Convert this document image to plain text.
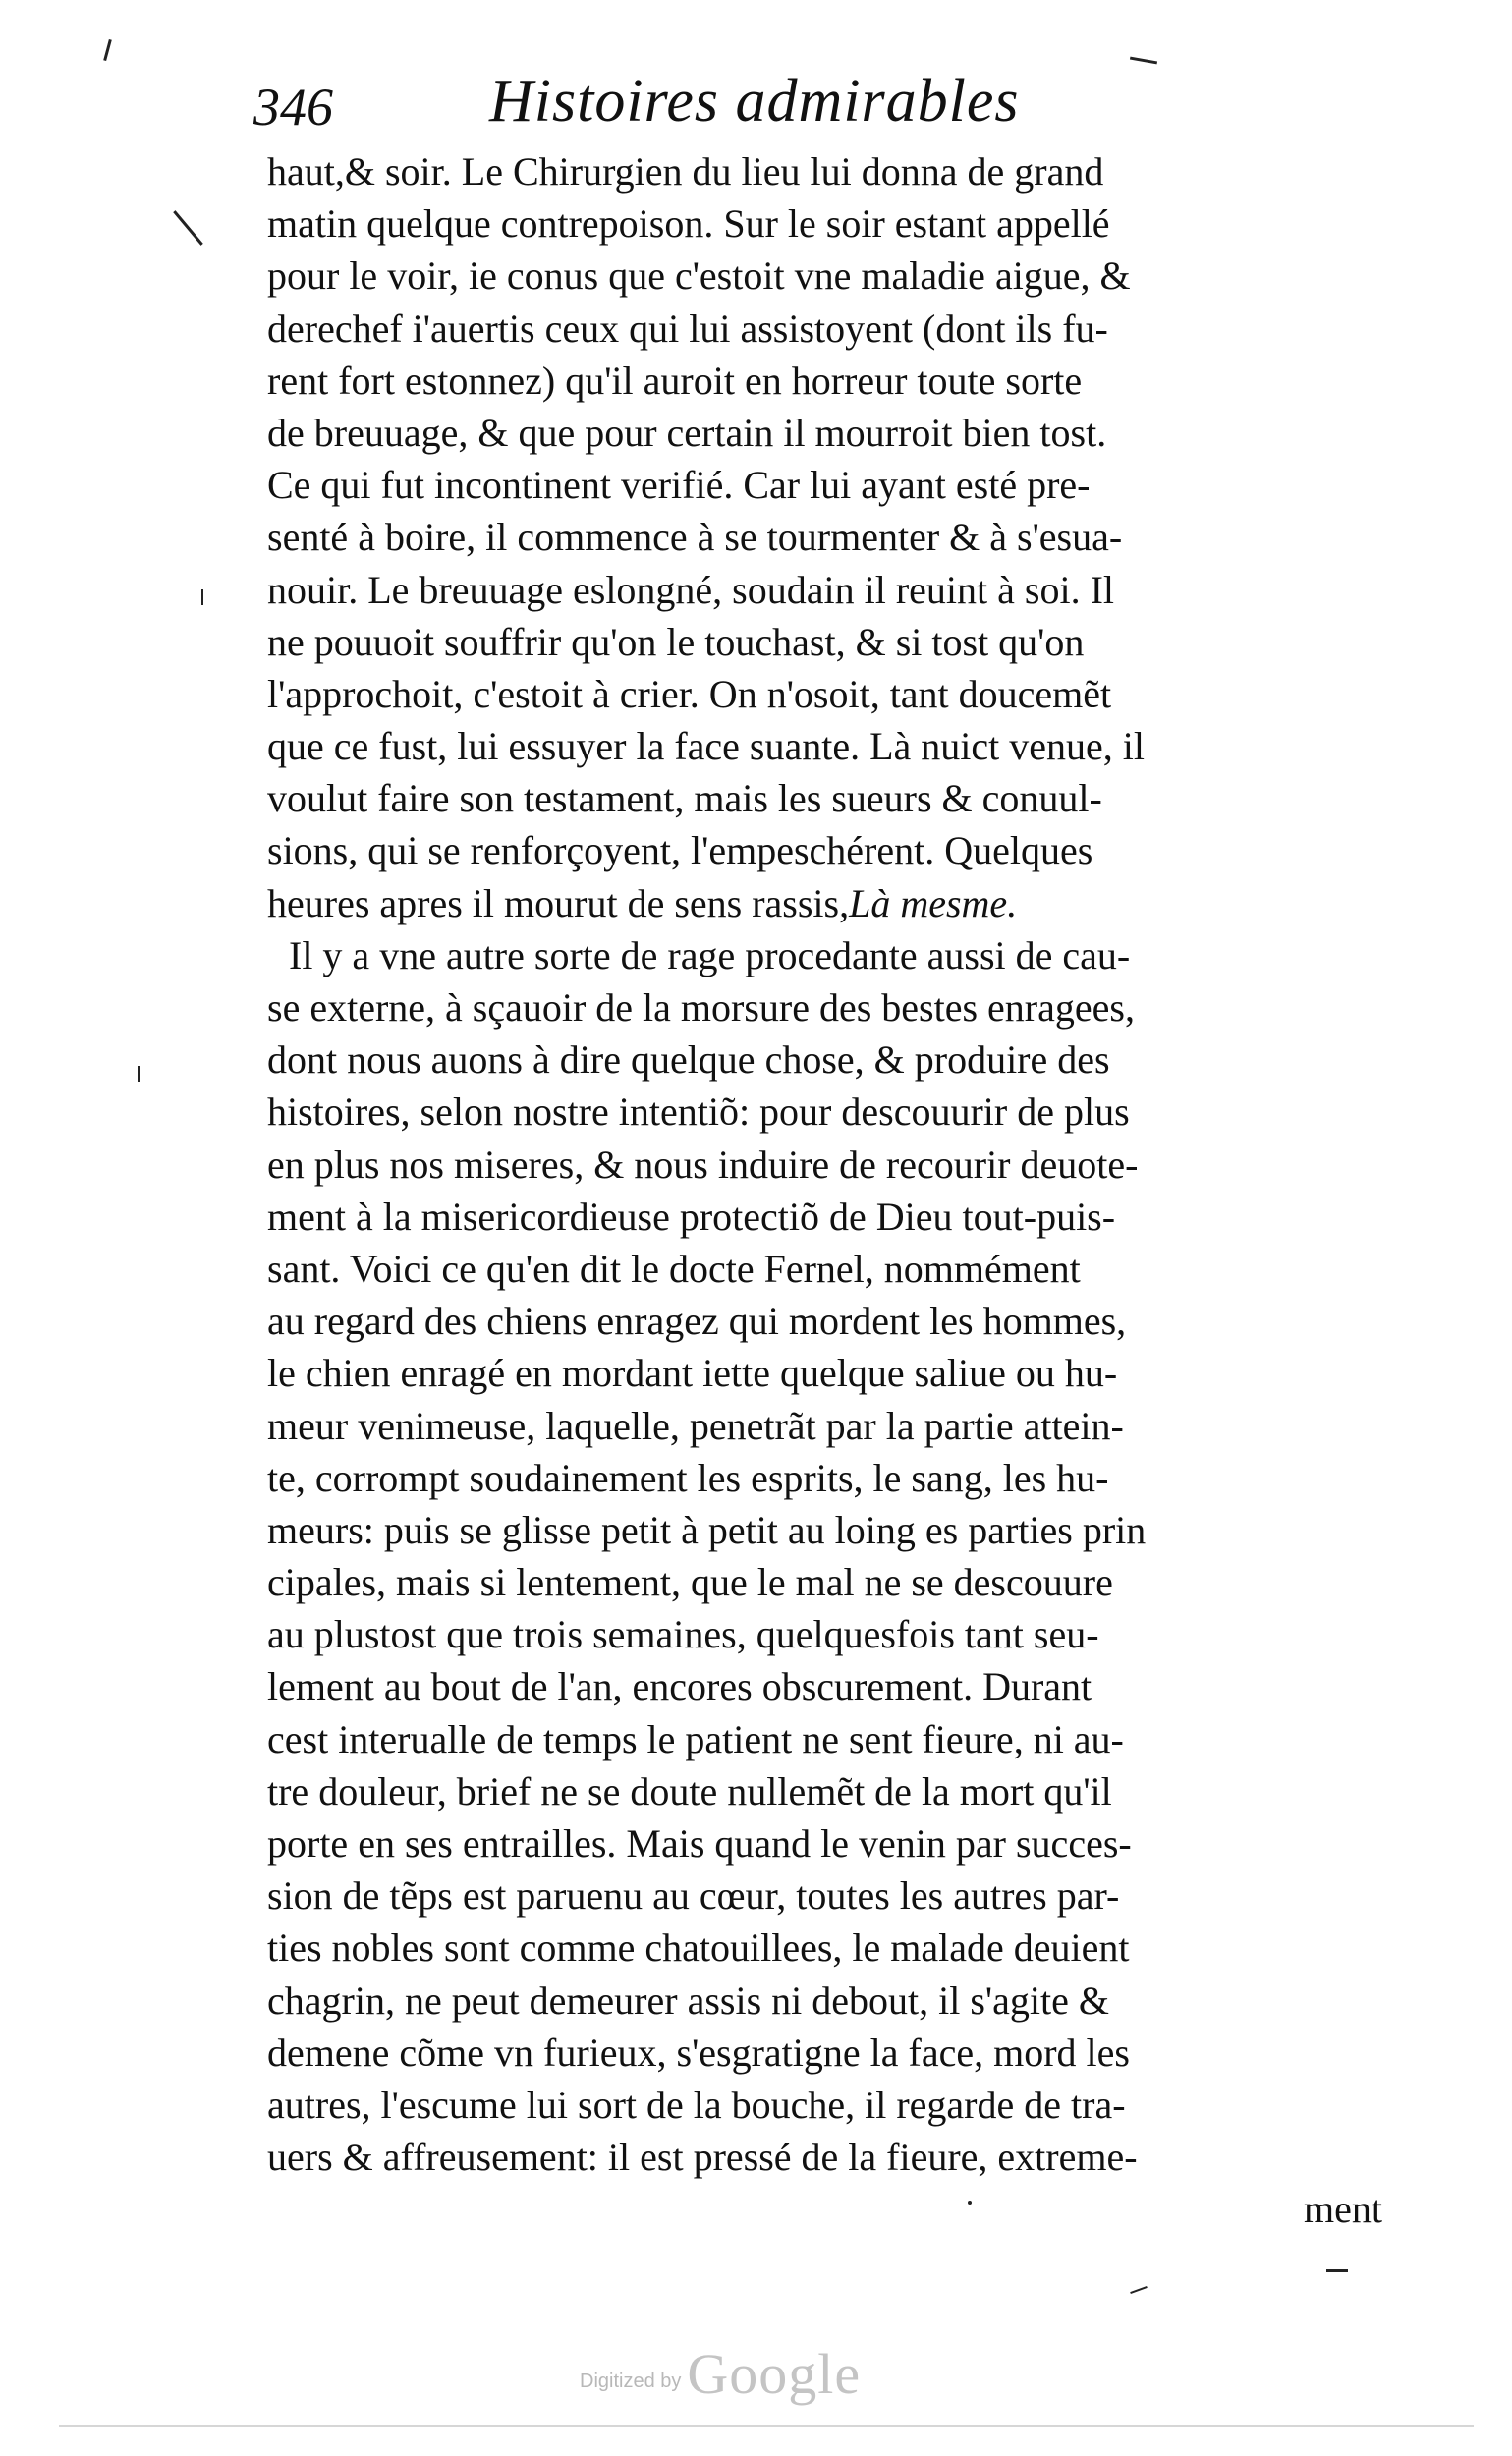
346	Histoires admirables
haut,& soir. Le Chirurgien du lieu lui donna de grand
matin quelque contrepoison. Sur le soir estant appellé
pour le voir, ie conus que c'estoit vne maladie aigue, &
derechef i'auertis ceux qui lui assistoyent (dont ils fu-
rent fort estonnez) qu'il auroit en horreur toute sorte
de breuuage, & que pour certain il mourroit bien tost.
Ce qui fut incontinent verifié. Car lui ayant esté pre-
senté à boire, il commence à se tourmenter & à s'esua-
nouir. Le breuuage eslongné, soudain il reuint à soi. Il
ne pouuoit souffrir qu'on le touchast, & si tost qu'on
l'approchoit, c'estoit à crier. On n'osoit, tant doucemẽt
que ce fust, lui essuyer la face suante. Là nuict venue, il
voulut faire son testament, mais les sueurs & conuul-
sions, qui se renforçoyent, l'empeschérent. Quelques
heures apres il mourut de sens rassis,Là mesme.
Il y a vne autre sorte de rage procedante aussi de cau-
se externe, à sçauoir de la morsure des bestes enragees,
dont nous auons à dire quelque chose, & produire des
histoires, selon nostre intentiõ: pour descouurir de plus
en plus nos miseres, & nous induire de recourir deuote-
ment à la misericordieuse protectiõ de Dieu tout-puis-
sant. Voici ce qu'en dit le docte Fernel, nommément
au regard des chiens enragez qui mordent les hommes,
le chien enragé en mordant iette quelque saliue ou hu-
meur venimeuse, laquelle, penetrãt par la partie attein-
te, corrompt soudainement les esprits, le sang, les hu-
meurs: puis se glisse petit à petit au loing es parties prin
cipales, mais si lentement, que le mal ne se descouure
au plustost que trois semaines, quelquesfois tant seu-
lement au bout de l'an, encores obscurement. Durant
cest interualle de temps le patient ne sent fieure, ni au-
tre douleur, brief ne se doute nullemẽt de la mort qu'il
porte en ses entrailles. Mais quand le venin par succes-
sion de tẽps est paruenu au cœur, toutes les autres par-
ties nobles sont comme chatouillees, le malade deuient
chagrin, ne peut demeurer assis ni debout, il s'agite &
demene cõme vn furieux, s'esgratigne la face, mord les
autres, l'escume lui sort de la bouche, il regarde de tra-
uers & affreusement: il est pressé de la fieure, extreme-
ment
Digitized by Google
